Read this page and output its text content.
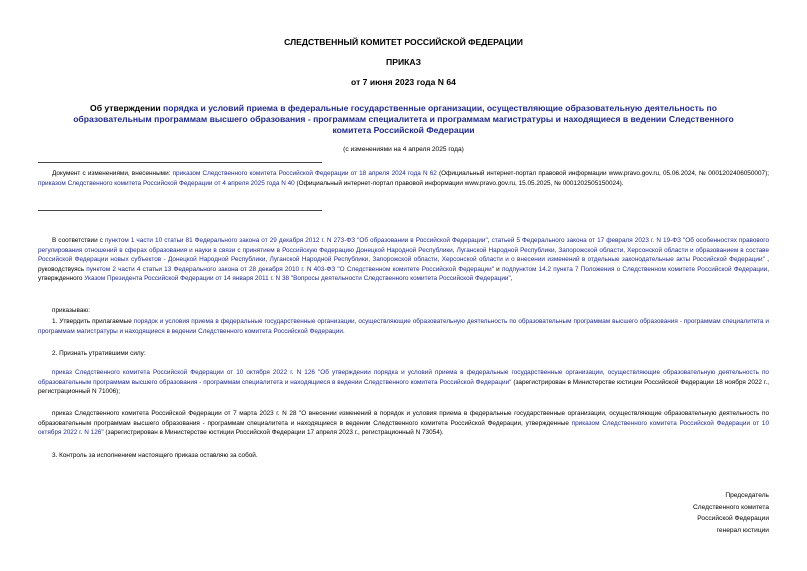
СЛЕДСТВЕННЫЙ КОМИТЕТ РОССИЙСКОЙ ФЕДЕРАЦИИ
ПРИКАЗ
от 7 июня 2023 года N 64
Об утверждении порядка и условий приема в федеральные государственные организации, осуществляющие образовательную деятельность по образовательным программам высшего образования - программам специалитета и программам магистратуры и находящиеся в ведении Следственного комитета Российской Федерации
(с изменениями на 4 апреля 2025 года)
Документ с изменениями, внесенными: приказом Следственного комитета Российской Федерации от 18 апреля 2024 года N 62 (Официальный интернет-портал правовой информации www.pravo.gov.ru, 05.06.2024, № 0001202406050007); приказом Следственного комитета Российской Федерации от 4 апреля 2025 года N 40 (Официальный интернет-портал правовой информации www.pravo.gov.ru, 15.05.2025, № 0001202505150024).
В соответствии с пунктом 1 части 10 статьи 81 Федерального закона от 29 декабря 2012 г. N 273-ФЗ "Об образовании в Российской Федерации", статьей 5 Федерального закона от 17 февраля 2023 г. N 19-ФЗ "Об особенностях правового регулирования отношений в сферах образования и науки в связи с принятием в Российскую Федерацию Донецкой Народной Республики, Луганской Народной Республики, Запорожской области, Херсонской области и образованием в составе Российской Федерации новых субъектов - Донецкой Народной Республики, Луганской Народной Республики, Запорожской области, Херсонской области и о внесении изменений в отдельные законодательные акты Российской Федерации" , руководствуясь пунктом 2 части 4 статьи 13 Федерального закона от 28 декабря 2010 г. N 403-ФЗ "О Следственном комитете Российской Федерации" и подпунктом 14.2 пункта 7 Положения о Следственном комитете Российской Федерации, утвержденного Указом Президента Российской Федерации от 14 января 2011 г. N 38 "Вопросы деятельности Следственного комитета Российской Федерации",
приказываю:
1. Утвердить прилагаемые порядок и условия приема в федеральные государственные организации, осуществляющие образовательную деятельность по образовательным программам высшего образования - программам специалитета и программам магистратуры и находящиеся в ведении Следственного комитета Российской Федерации.
2. Признать утратившими силу:
приказ Следственного комитета Российской Федерации от 10 октября 2022 г. N 126 "Об утверждении порядка и условий приема в федеральные государственные организации, осуществляющие образовательную деятельность по образовательным программам высшего образования - программам специалитета и находящиеся в ведении Следственного комитета Российской Федерации" (зарегистрирован в Министерстве юстиции Российской Федерации 18 ноября 2022 г., регистрационный N 71006);
приказ Следственного комитета Российской Федерации от 7 марта 2023 г. N 28 "О внесении изменений в порядок и условия приема в федеральные государственные организации, осуществляющие образовательную деятельность по образовательным программам высшего образования - программам специалитета и находящиеся в ведении Следственного комитета Российской Федерации, утвержденные приказом Следственного комитета Российской Федерации от 10 октября 2022 г. N 126" (зарегистрирован в Министерстве юстиции Российской Федерации 17 апреля 2023 г., регистрационный N 73054).
3. Контроль за исполнением настоящего приказа оставляю за собой.
Председатель
Следственного комитета
Российской Федерации
генерал юстиции
